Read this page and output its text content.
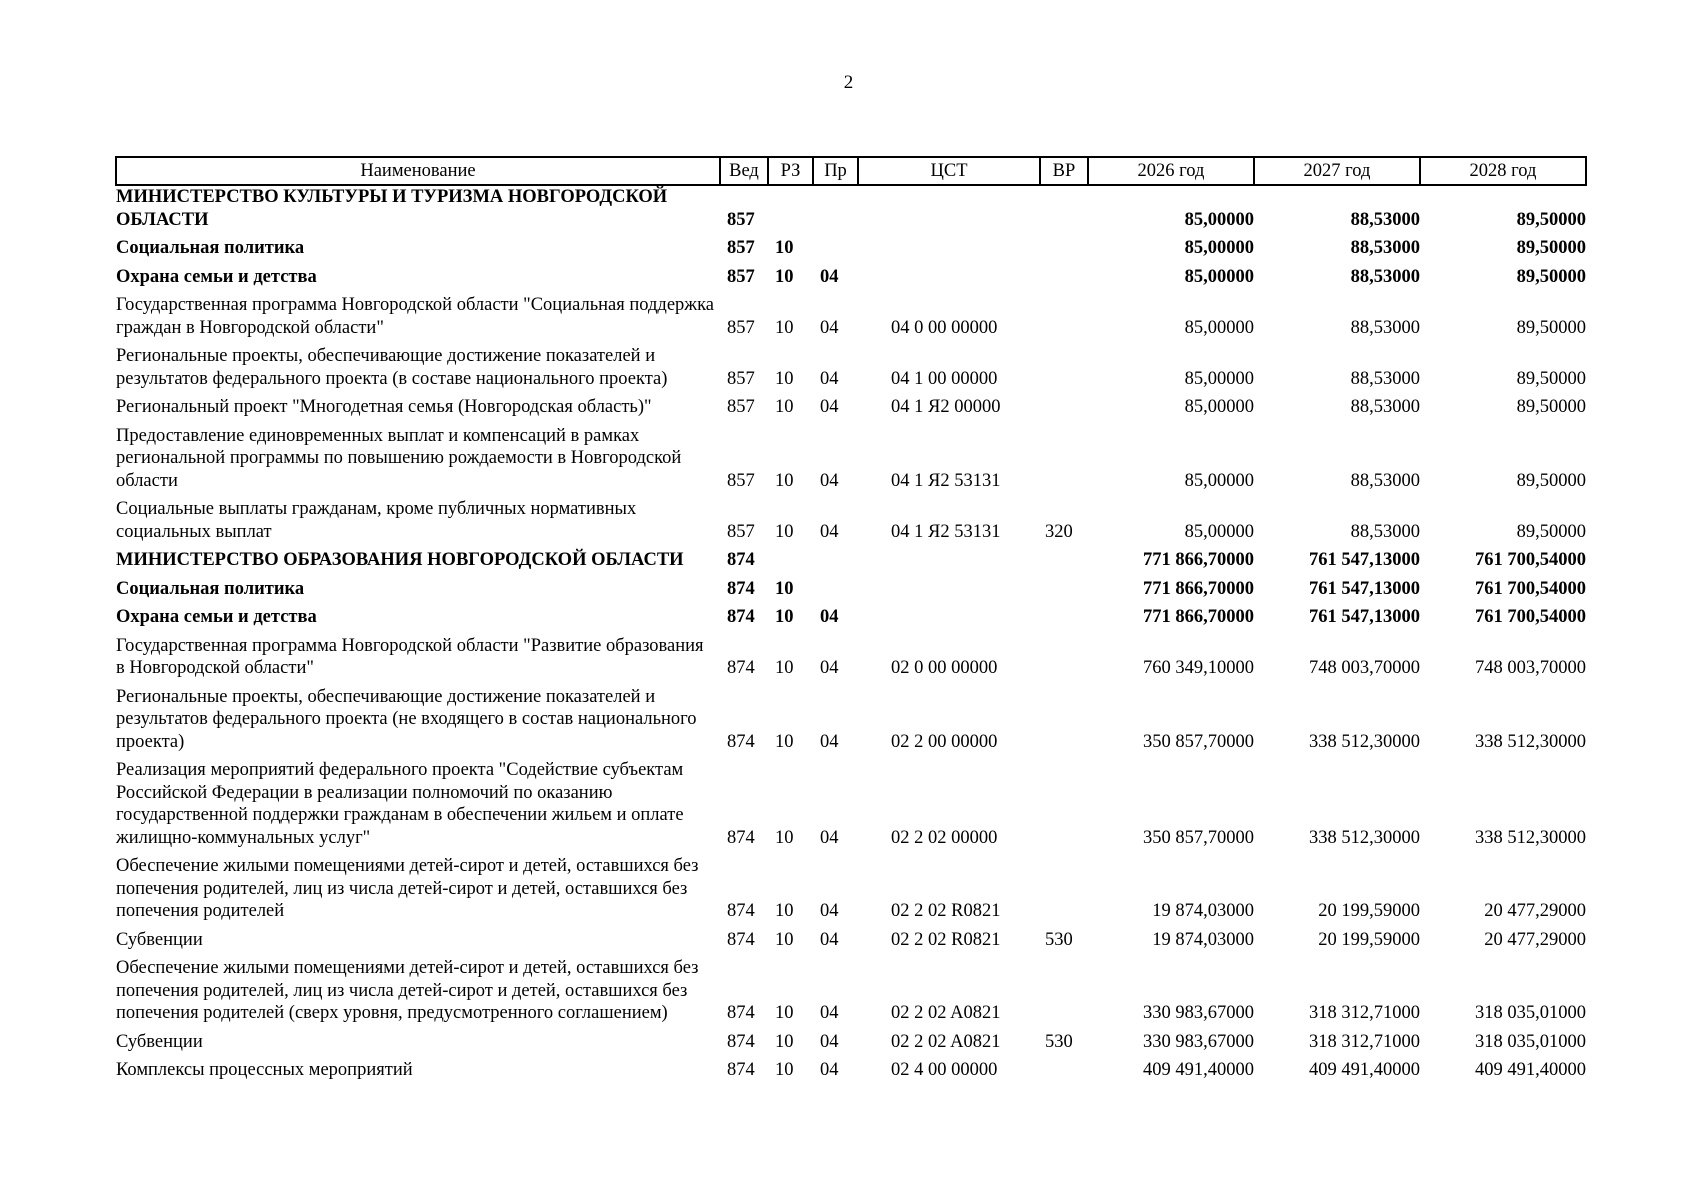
2
Наименование	Вед	РЗ	Пр	ЦСТ	ВР	2026 год	2027 год	2028 год
МИНИСТЕРСТВО КУЛЬТУРЫ И ТУРИЗМА НОВГОРОДСКОЙ ОБЛАСТИ	857					85,00000	88,53000	89,50000
Социальная политика	857	10				85,00000	88,53000	89,50000
Охрана семьи и детства	857	10	04			85,00000	88,53000	89,50000
Государственная программа Новгородской области "Социальная поддержка граждан в Новгородской области"	857	10	04	04 0 00 00000		85,00000	88,53000	89,50000
Региональные проекты, обеспечивающие достижение показателей и результатов федерального проекта (в составе национального проекта)	857	10	04	04 1 00 00000		85,00000	88,53000	89,50000
Региональный проект "Многодетная семья (Новгородская область)"	857	10	04	04 1 Я2 00000		85,00000	88,53000	89,50000
Предоставление единовременных выплат и компенсаций в рамках региональной программы по повышению рождаемости в Новгородской области	857	10	04	04 1 Я2 53131		85,00000	88,53000	89,50000
Социальные выплаты гражданам, кроме публичных нормативных социальных выплат	857	10	04	04 1 Я2 53131	320	85,00000	88,53000	89,50000
МИНИСТЕРСТВО ОБРАЗОВАНИЯ НОВГОРОДСКОЙ ОБЛАСТИ	874					771 866,70000	761 547,13000	761 700,54000
Социальная политика	874	10				771 866,70000	761 547,13000	761 700,54000
Охрана семьи и детства	874	10	04			771 866,70000	761 547,13000	761 700,54000
Государственная программа Новгородской области "Развитие образования в Новгородской области"	874	10	04	02 0 00 00000		760 349,10000	748 003,70000	748 003,70000
Региональные проекты, обеспечивающие достижение показателей и результатов федерального проекта (не входящего в состав национального проекта)	874	10	04	02 2 00 00000		350 857,70000	338 512,30000	338 512,30000
Реализация мероприятий федерального проекта "Содействие субъектам Российской Федерации в реализации полномочий по оказанию государственной поддержки гражданам в обеспечении жильем и оплате жилищно-коммунальных услуг"	874	10	04	02 2 02 00000		350 857,70000	338 512,30000	338 512,30000
Обеспечение жилыми помещениями детей-сирот и детей, оставшихся без попечения родителей, лиц из числа детей-сирот и детей, оставшихся без попечения родителей	874	10	04	02 2 02 R0821		19 874,03000	20 199,59000	20 477,29000
Субвенции	874	10	04	02 2 02 R0821	530	19 874,03000	20 199,59000	20 477,29000
Обеспечение жилыми помещениями детей-сирот и детей, оставшихся без попечения родителей, лиц из числа детей-сирот и детей, оставшихся без попечения родителей (сверх уровня, предусмотренного соглашением)	874	10	04	02 2 02 A0821		330 983,67000	318 312,71000	318 035,01000
Субвенции	874	10	04	02 2 02 A0821	530	330 983,67000	318 312,71000	318 035,01000
Комплексы процессных мероприятий	874	10	04	02 4 00 00000		409 491,40000	409 491,40000	409 491,40000
